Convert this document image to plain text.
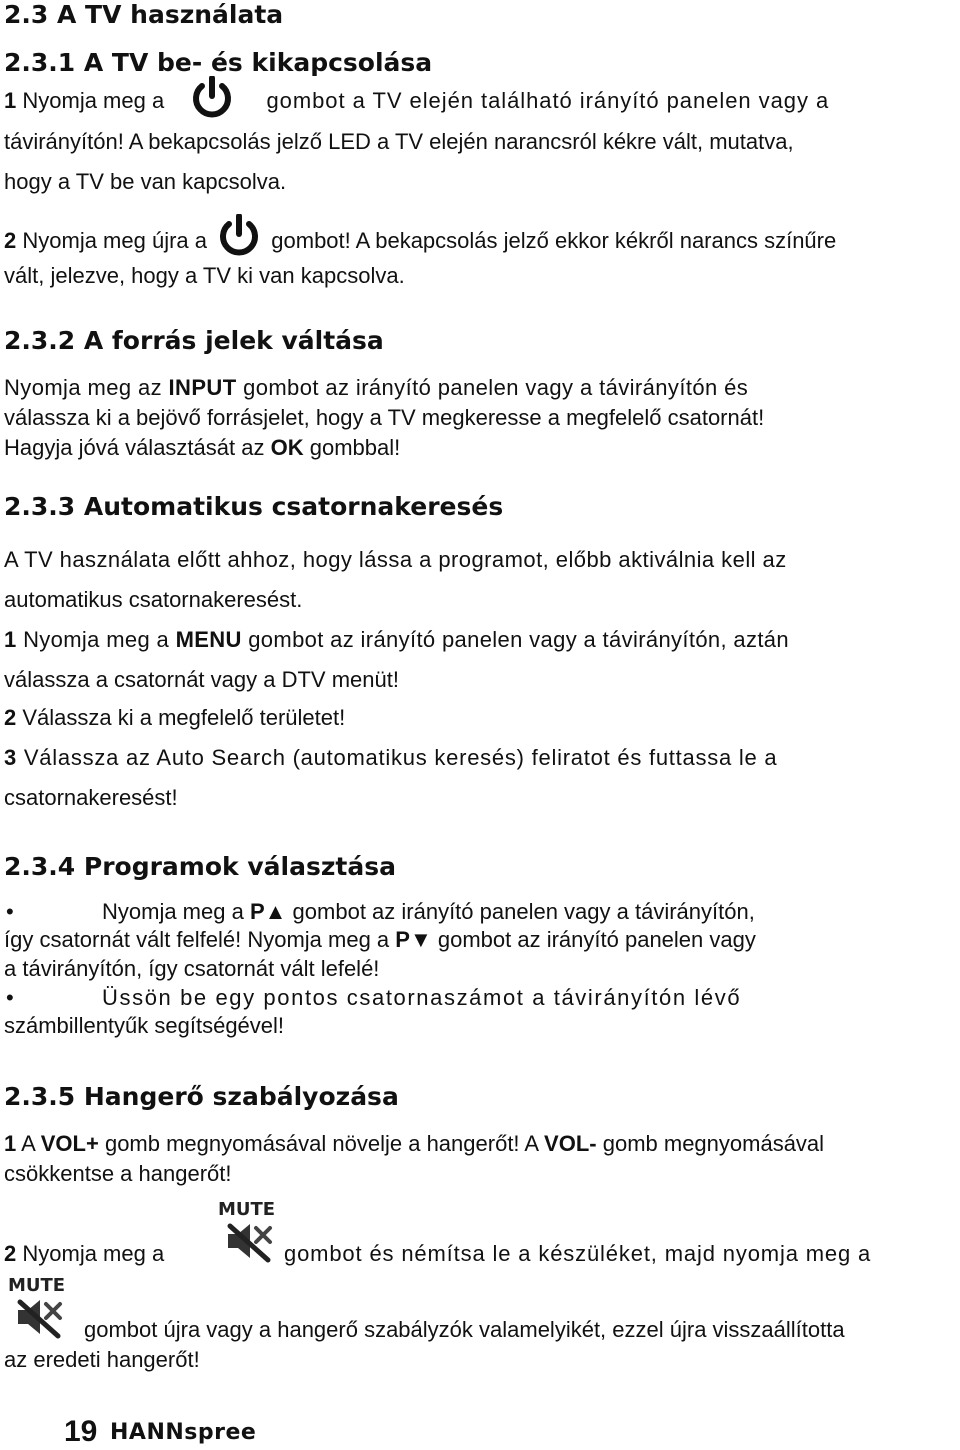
2.3 A TV használata
2.3.1 A TV be- és kikapcsolása
1 Nyomja meg a	gombot a TV elején található irányító panelen vagy a
távirányítón! A bekapcsolás jelző LED a TV elején narancsról kékre vált, mutatva,
hogy a TV be van kapcsolva.
2 Nyomja meg újra a	gombot! A bekapcsolás jelző ekkor kékről narancs színűre
vált, jelezve, hogy a TV ki van kapcsolva.
2.3.2 A forrás jelek váltása
Nyomja meg az INPUT gombot az irányító panelen vagy a távirányítón és
válassza ki a bejövő forrásjelet, hogy a TV megkeresse a megfelelő csatornát!
Hagyja jóvá választását az OK gombbal!
2.3.3 Automatikus csatornakeresés
A TV használata előtt ahhoz, hogy lássa a programot, előbb aktiválnia kell az
automatikus csatornakeresést.
1 Nyomja meg a MENU gombot az irányító panelen vagy a távirányítón, aztán
válassza a csatornát vagy a DTV menüt!
2 Válassza ki a megfelelő területet!
3 Válassza az Auto Search (automatikus keresés) feliratot és futtassa le a
csatornakeresést!
2.3.4 Programok választása
•	Nyomja meg a P▲ gombot az irányító panelen vagy a távirányítón,
így csatornát vált felfelé! Nyomja meg a P▼ gombot az irányító panelen vagy
a távirányítón, így csatornát vált lefelé!
•	Üssön be egy pontos csatornaszámot a távirányítón lévő
számbillentyűk segítségével!
2.3.5 Hangerő szabályozása
1 A VOL+ gomb megnyomásával növelje a hangerőt! A VOL- gomb megnyomásával
csökkentse a hangerőt!
MUTE
2 Nyomja meg a	gombot és némítsa le a készüléket, majd nyomja meg a
MUTE
gombot újra vagy a hangerő szabályzók valamelyikét, ezzel újra visszaállította
az eredeti hangerőt!
19 HANNspree
